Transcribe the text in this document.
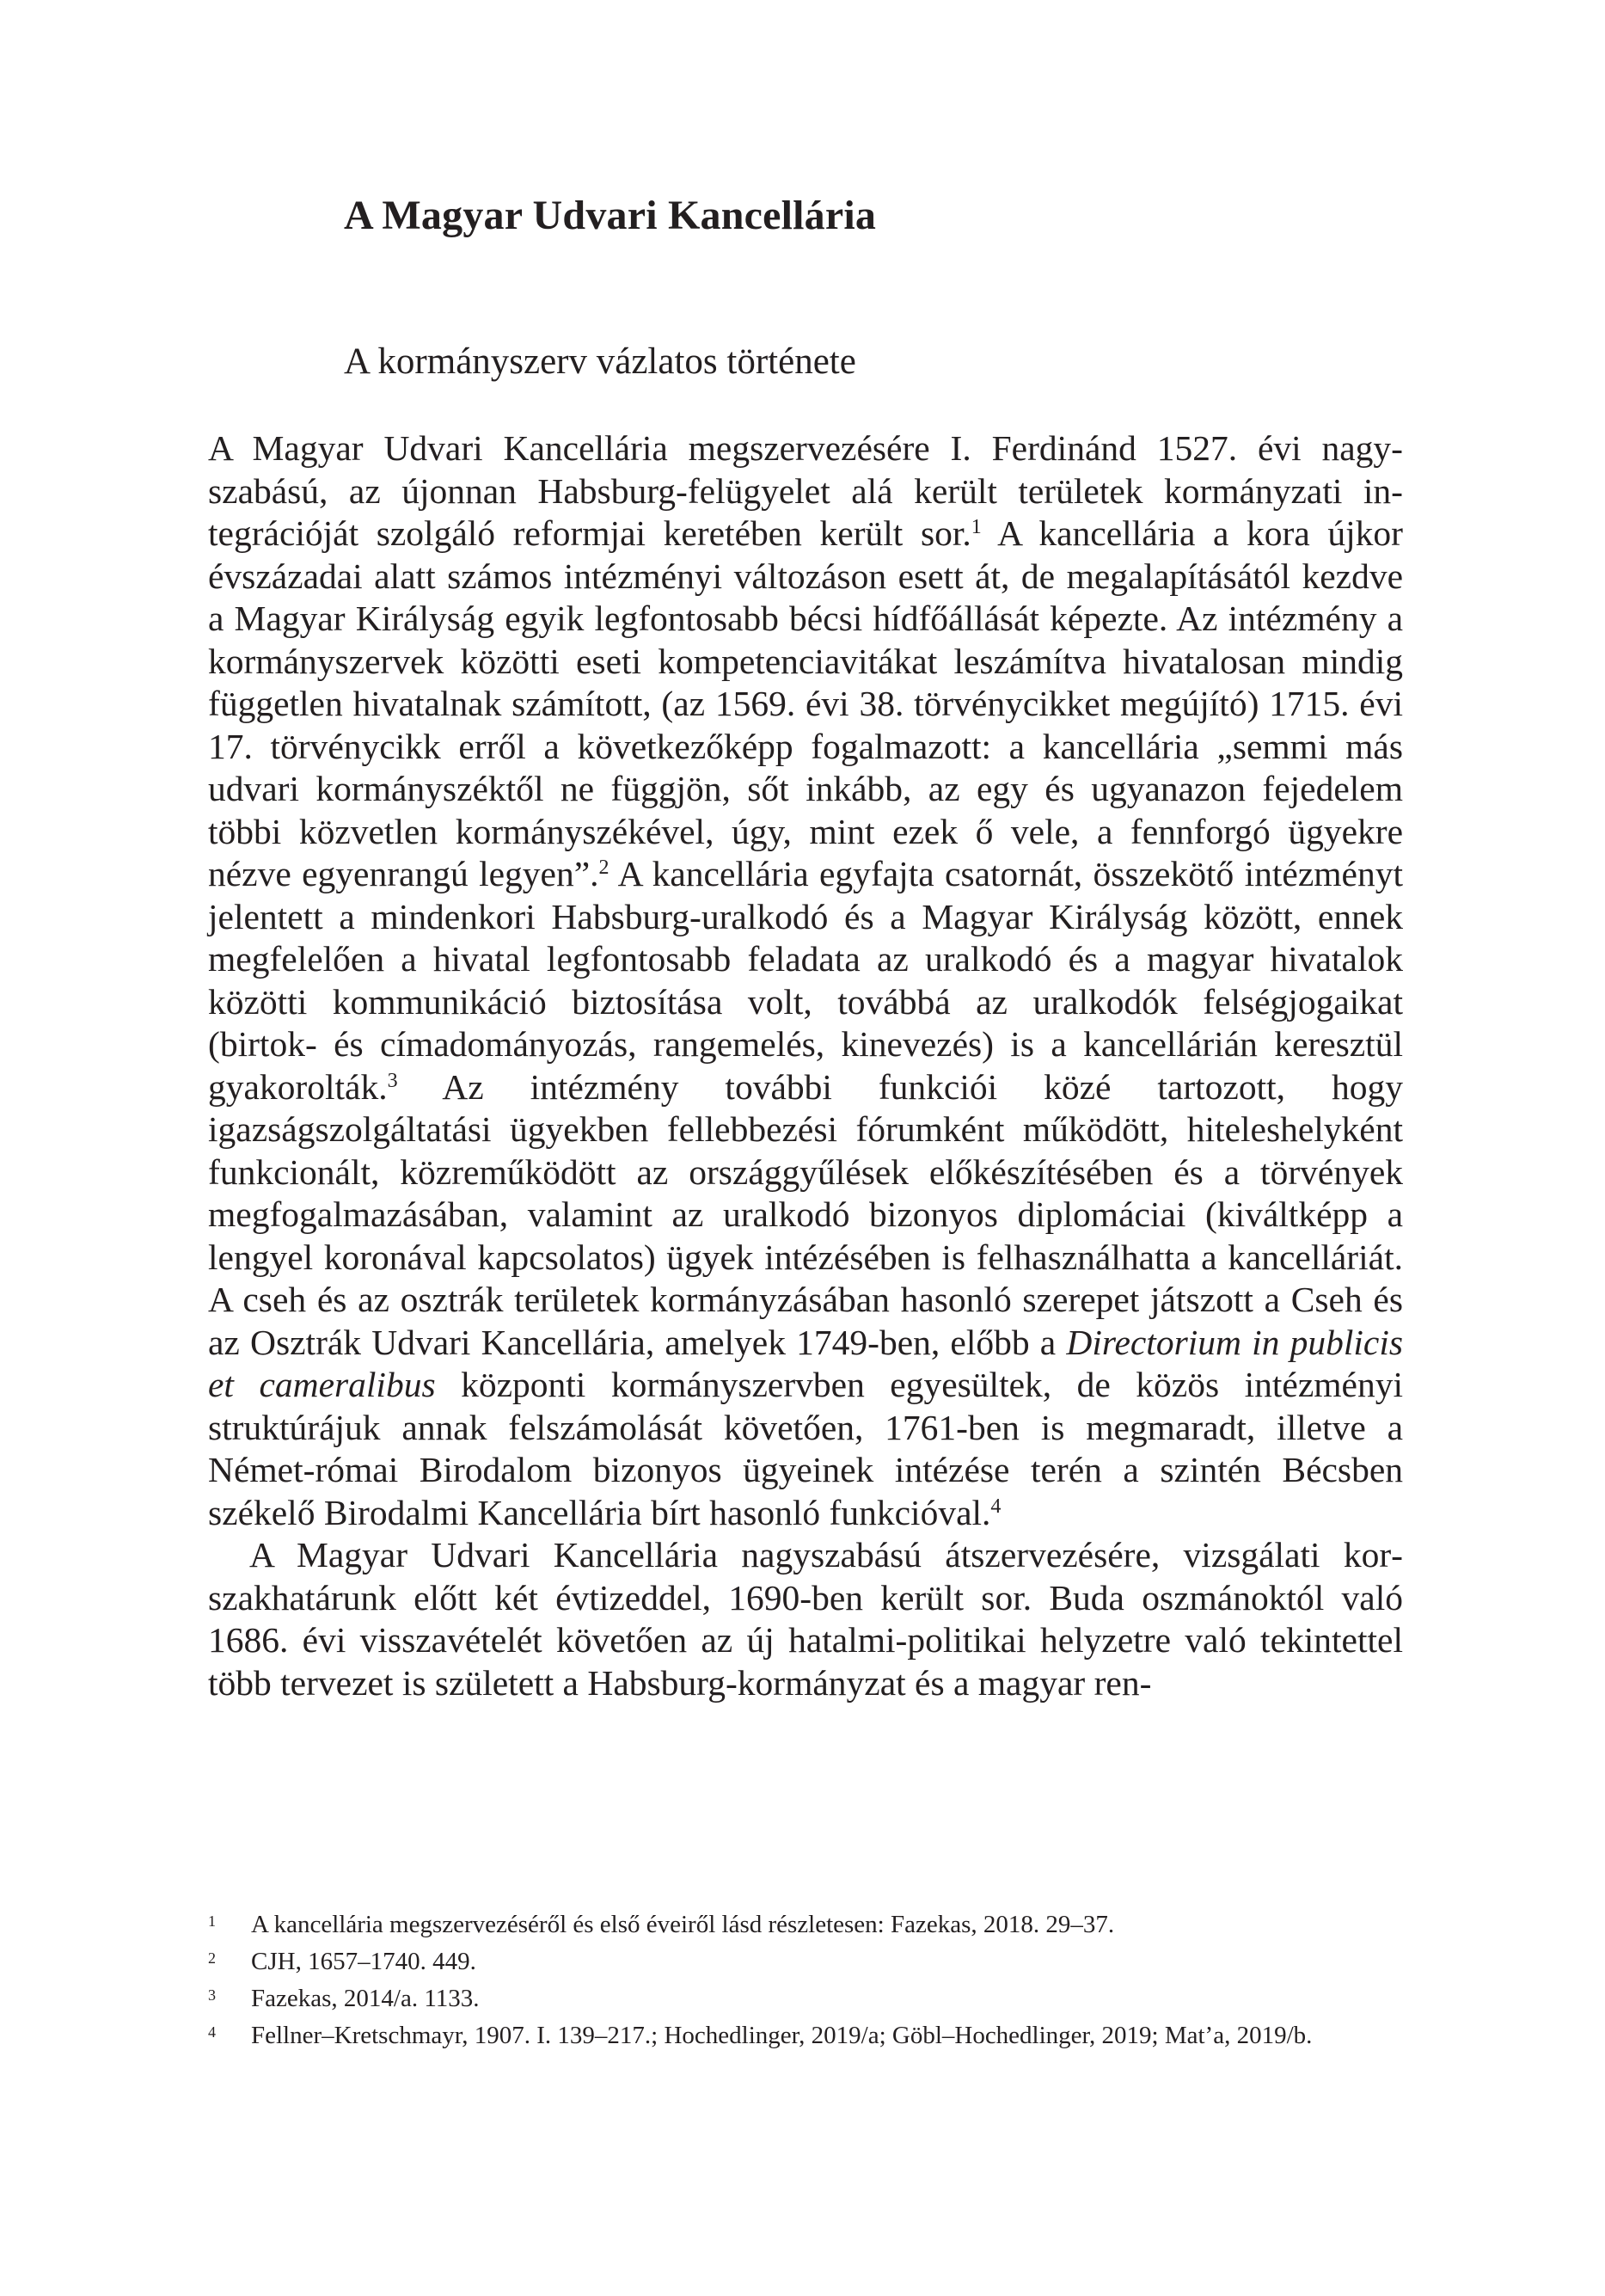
A Magyar Udvari Kancellária
A kormányszerv vázlatos története

A Magyar Udvari Kancellária megszervezésére I. Ferdinánd 1527. évi nagyszabású, az újonnan Habsburg-felügyelet alá került területek kormányzati integrációját szolgáló reformjai keretében került sor.$^1$ A kancellária a kora újkor évszázadai alatt számos intézményi változáson esett át, de megalapításától kezdve a Magyar Királyság egyik legfontosabb bécsi hídfőállását képezte. Az intézmény a kormányszervek közötti eseti kompetenciavitákat leszámítva hivatalosan mindig független hivatalnak számított, (az 1569. évi 38. törvénycikket megújító) 1715. évi 17. törvénycikk erről a következőképp fogalmazott: a kancellária „semmi más udvari kormányszéktől ne függjön, sőt inkább, az egy és ugyanazon fejedelem többi közvetlen kormányszékével, úgy, mint ezek ő vele, a fennforgó ügyekre nézve egyenrangú legyen”.$^2$ A kancellária egyfajta csatornát, összekötő intézményt jelentett a mindenkori Habsburg-uralkodó és a Magyar Királyság között, ennek megfelelően a hivatal legfontosabb feladata az uralkodó és a magyar hivatalok közötti kommunikáció biztosítása volt, továbbá az uralkodók felségjogaikat (birtok- és címadományozás, rangemelés, kinevezés) is a kancellárián keresztül gyakorolták.$^3$ Az intézmény további funkciói közé tartozott, hogy igazságszolgáltatási ügyekben fellebbezési fórumként működött, hiteleshelyként funkcionált, közreműködött az országgyűlések előkészítésében és a törvények megfogalmazásában, valamint az uralkodó bizonyos diplomáciai (kiváltképp a lengyel koronával kapcsolatos) ügyek intézésében is felhasználhatta a kancelláriát. A cseh és az osztrák területek kormányzásában hasonló szerepet játszott a Cseh és az Osztrák Udvari Kancellária, amelyek 1749-ben, előbb a Directorium in publicis et cameralibus központi kormányszervben egyesültek, de közös intézményi struktúrájuk annak felszámolását követően, 1761-ben is megmaradt, illetve a Német-római Birodalom bizonyos ügyeinek intézése terén a szintén Bécsben székelő Birodalmi Kancellária bírt hasonló funkcióval.$^4$

A Magyar Udvari Kancellária nagyszabású átszervezésére, vizsgálati korszakhatárunk előtt két évtizeddel, 1690-ben került sor. Buda oszmánoktól való 1686. évi visszavételét követően az új hatalmi-politikai helyzetre való tekintettel több tervezet is született a Habsburg-kormányzat és a magyar ren-

1 A kancellária megszervezéséről és első éveiről lásd részletesen: Fazekas, 2018. 29–37.
2 CJH, 1657–1740. 449.
3 Fazekas, 2014/a. 1133.
4 Fellner–Kretschmayr, 1907. I. 139–217.; Hochedlinger, 2019/a; Göbl–Hochedlinger, 2019; Mat’a, 2019/b.
